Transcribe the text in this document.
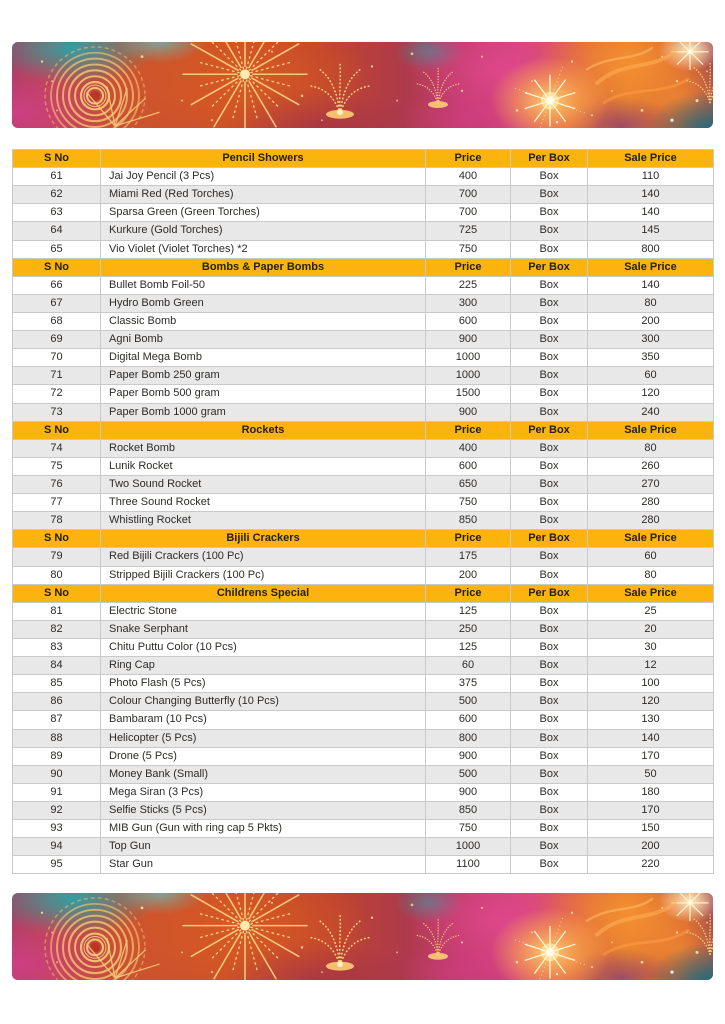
S No	Pencil Showers	Price	Per Box	Sale Price
61	Jai Joy Pencil (3 Pcs)	400	Box	110
62	Miami Red (Red Torches)	700	Box	140
63	Sparsa Green (Green Torches)	700	Box	140
64	Kurkure (Gold Torches)	725	Box	145
65	Vio Violet (Violet Torches) *2	750	Box	800
S No	Bombs & Paper Bombs	Price	Per Box	Sale Price
66	Bullet Bomb Foil-50	225	Box	140
67	Hydro Bomb Green	300	Box	80
68	Classic Bomb	600	Box	200
69	Agni Bomb	900	Box	300
70	Digital Mega Bomb	1000	Box	350
71	Paper Bomb 250 gram	1000	Box	60
72	Paper Bomb 500 gram	1500	Box	120
73	Paper Bomb 1000 gram	900	Box	240
S No	Rockets	Price	Per Box	Sale Price
74	Rocket Bomb	400	Box	80
75	Lunik Rocket	600	Box	260
76	Two Sound Rocket	650	Box	270
77	Three Sound Rocket	750	Box	280
78	Whistling Rocket	850	Box	280
S No	Bijili Crackers	Price	Per Box	Sale Price
79	Red Bijili Crackers (100 Pc)	175	Box	60
80	Stripped Bijili Crackers (100 Pc)	200	Box	80
S No	Childrens Special	Price	Per Box	Sale Price
81	Electric Stone	125	Box	25
82	Snake Serphant	250	Box	20
83	Chitu Puttu Color (10 Pcs)	125	Box	30
84	Ring Cap	60	Box	12
85	Photo Flash (5 Pcs)	375	Box	100
86	Colour Changing Butterfly (10 Pcs)	500	Box	120
87	Bambaram (10 Pcs)	600	Box	130
88	Helicopter (5 Pcs)	800	Box	140
89	Drone (5 Pcs)	900	Box	170
90	Money Bank (Small)	500	Box	50
91	Mega Siran (3 Pcs)	900	Box	180
92	Selfie Sticks (5 Pcs)	850	Box	170
93	MIB Gun (Gun with ring cap 5 Pkts)	750	Box	150
94	Top Gun	1000	Box	200
95	Star Gun	1100	Box	220
